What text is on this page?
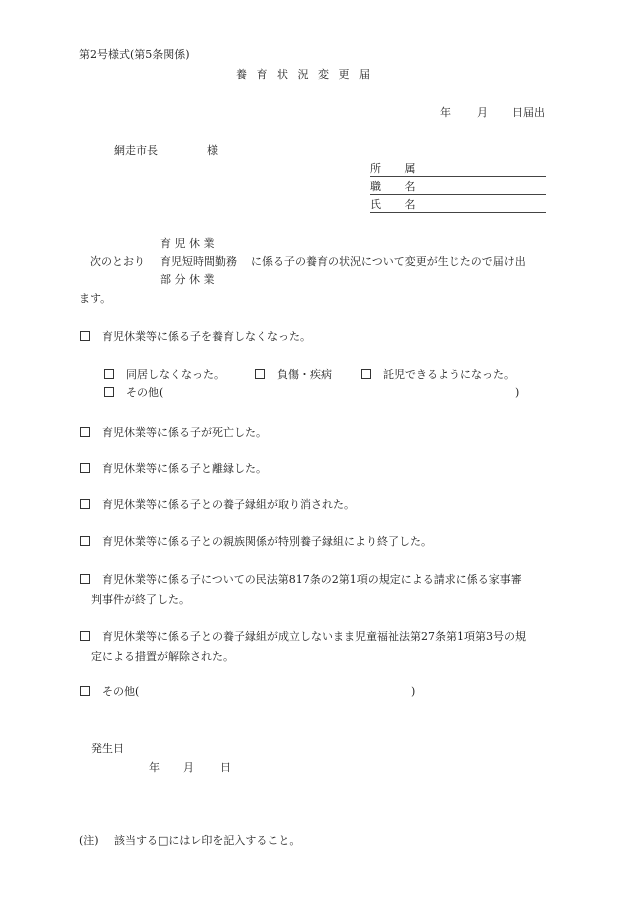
第2号様式(第5条関係)
養 育 状 況 変 更 届
年 月 日届出
網走市長	様
所 属
職 名
氏 名
育 児 休 業
次のとおり 育児短時間勤務 に係る子の養育の状況について変更が生じたので届け出
部 分 休 業
ます。
育児休業等に係る子を養育しなくなった。
同居しなくなった。	負傷・疾病	託児できるようになった。
その他(	)
育児休業等に係る子が死亡した。
育児休業等に係る子と離縁した。
育児休業等に係る子との養子縁組が取り消された。
育児休業等に係る子との親族関係が特別養子縁組により終了した。
育児休業等に係る子についての民法第817条の2第1項の規定による請求に係る家事審
判事件が終了した。
育児休業等に係る子との養子縁組が成立しないまま児童福祉法第27条第1項第3号の規
定による措置が解除された。
その他(	)
発生日
年 月 日
(注) 該当する□にはレ印を記入すること。
